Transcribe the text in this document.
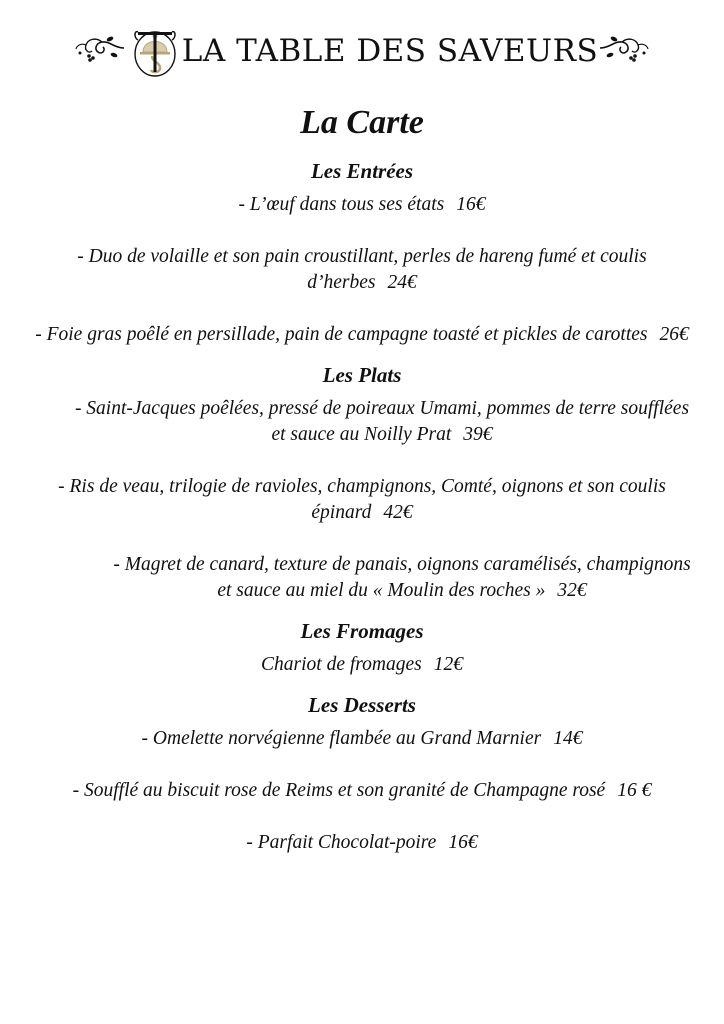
LA TABLE DES SAVEURS
La Carte
Les Entrées

- L’œuf dans tous ses états 16€

- Duo de volaille et son pain croustillant, perles de hareng fumé et coulis d’herbes 24€

- Foie gras poêlé en persillade, pain de campagne toasté et pickles de carottes 26€

Les Plats

- Saint-Jacques poêlées, pressé de poireaux Umami, pommes de terre soufflées et sauce au Noilly Prat 39€

- Ris de veau, trilogie de ravioles, champignons, Comté, oignons et son coulis épinard 42€

- Magret de canard, texture de panais, oignons caramélisés, champignons et sauce au miel du « Moulin des roches » 32€

Les Fromages

Chariot de fromages 12€

Les Desserts

- Omelette norvégienne flambée au Grand Marnier 14€

- Soufflé au biscuit rose de Reims et son granité de Champagne rosé 16 €

- Parfait Chocolat-poire 16€
